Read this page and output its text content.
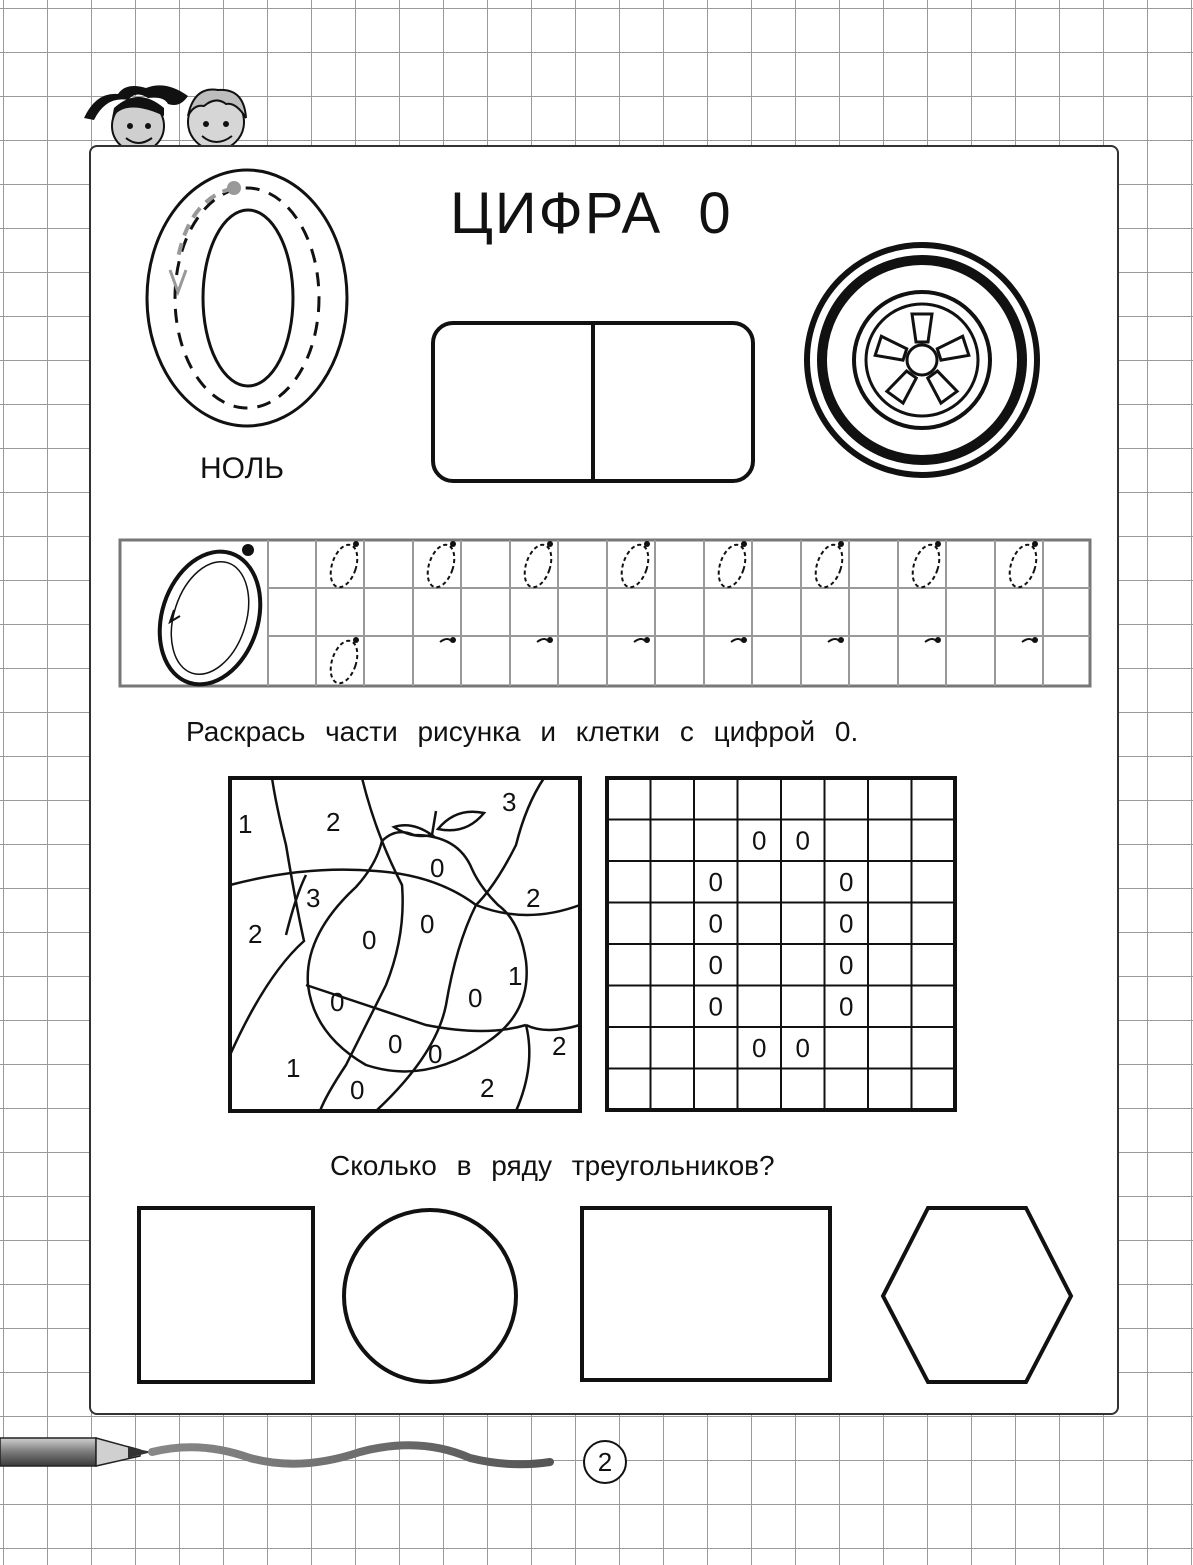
ЦИФРА  0
НОЛЬ
Раскрась части рисунка и клетки с цифрой 0.
1	2
3
2
3
0
2
0
0
0
1
0
0
1	0
0
2
2
0 0
0	0
0	0
0	0
0	0
0 0
Сколько в ряду треугольников?
2
